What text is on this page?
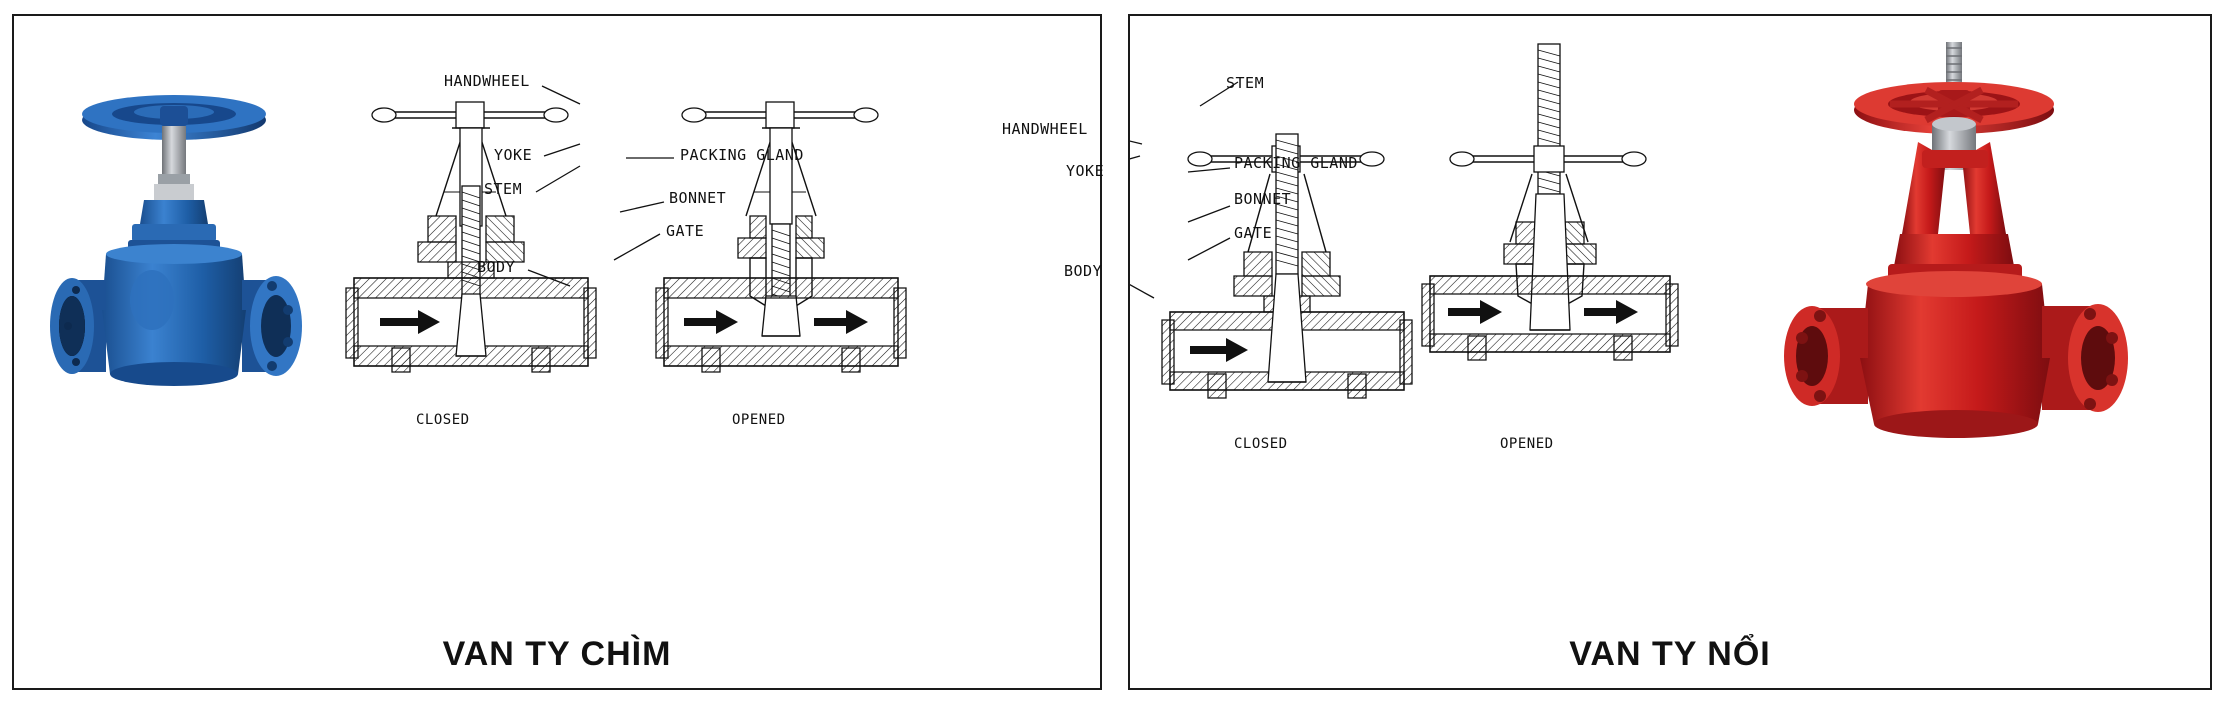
CLOSED	OPENED
HANDWHEEL
YOKE
STEM
PACKING GLAND
BONNET
GATE
BODY
VAN TY CHÌM
CLOSED	OPENED
HANDWHEEL
STEM
YOKE	PACKING GLAND
BONNET
GATE
BODY
VAN TY NỔI
